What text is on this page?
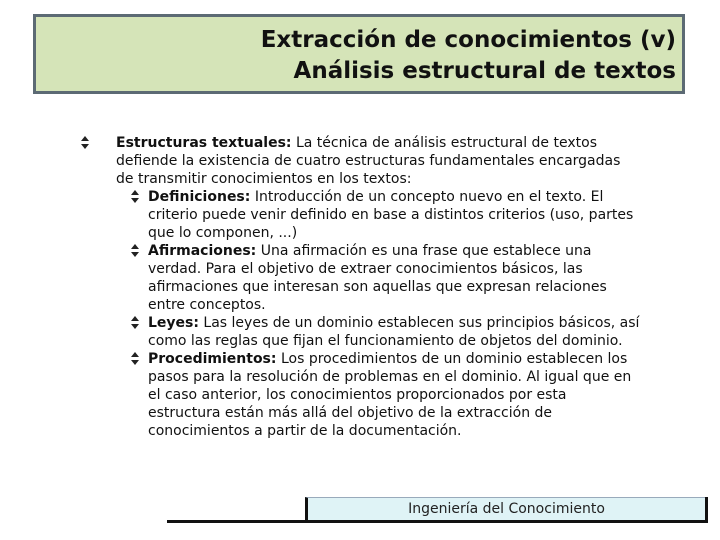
Extracción de conocimientos (v)
Análisis estructural de textos
Estructuras textuales: La técnica de análisis estructural de textos defiende la existencia de cuatro estructuras fundamentales encargadas de transmitir conocimientos en los textos:
Definiciones: Introducción de un concepto nuevo en el texto. El criterio puede venir definido en base a distintos criterios (uso, partes que lo componen, ...)
Afirmaciones: Una afirmación es una frase que establece una verdad. Para el objetivo de extraer conocimientos básicos, las afirmaciones que interesan son aquellas que expresan relaciones entre conceptos.
Leyes: Las leyes de un dominio establecen sus principios básicos, así como las reglas que fijan el funcionamiento de objetos del dominio.
Procedimientos: Los procedimientos de un dominio establecen los pasos para la resolución de problemas en el dominio. Al igual que en el caso anterior, los conocimientos proporcionados por esta estructura están más allá del objetivo de la extracción de conocimientos a partir de la documentación.
Ingeniería del Conocimiento
